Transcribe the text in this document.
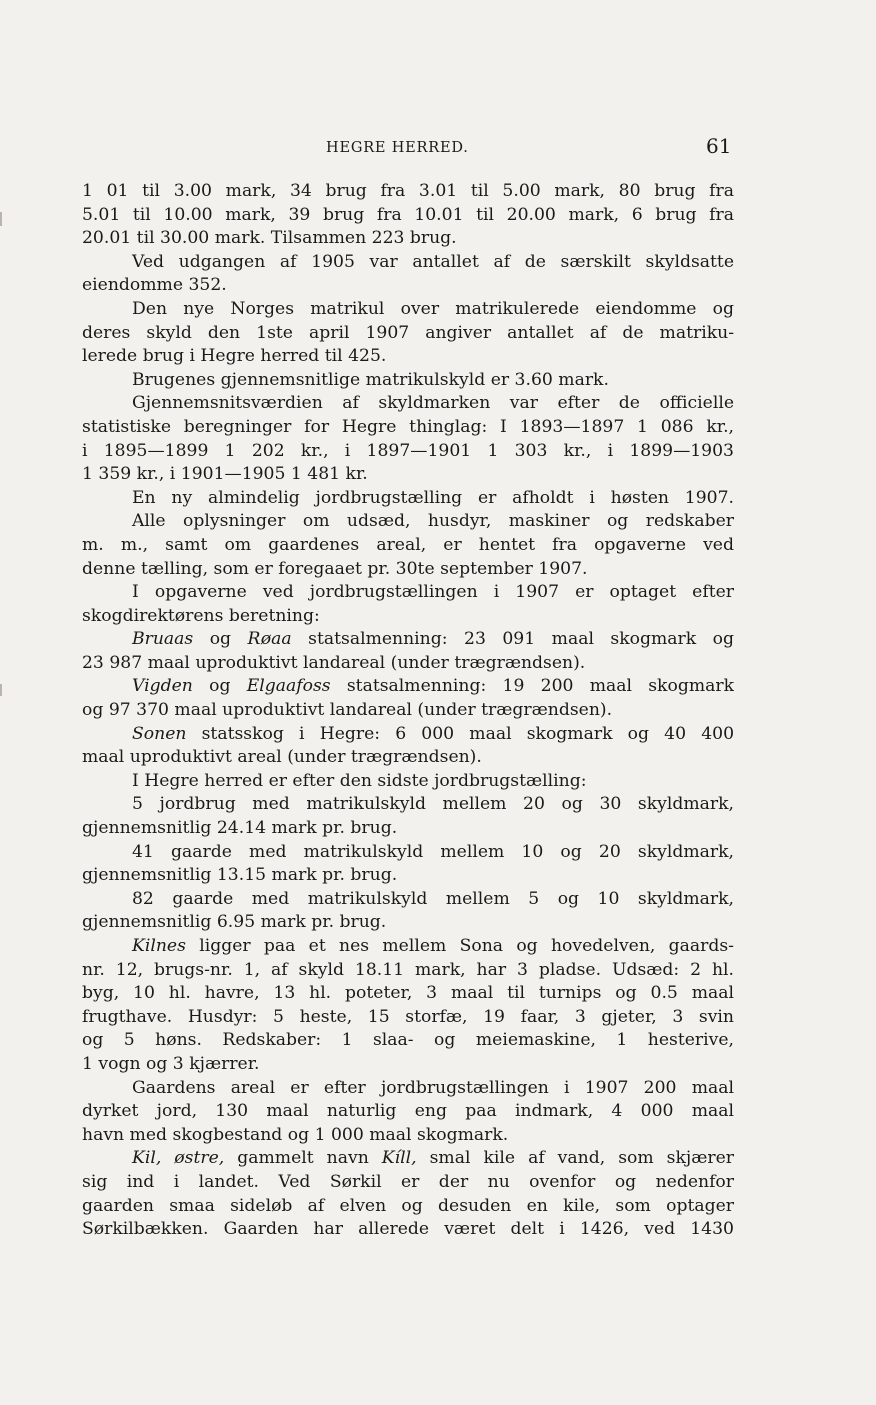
HEGRE HERRED.	61
1 01 til 3.00 mark, 34 brug fra 3.01 til 5.00 mark, 80 brug fra
5.01 til 10.00 mark, 39 brug fra 10.01 til 20.00 mark, 6 brug fra
20.01 til 30.00 mark. Tilsammen 223 brug.
Ved udgangen af 1905 var antallet af de særskilt skyldsatte
eiendomme 352.
Den nye Norges matrikul over matrikulerede eiendomme og
deres skyld den 1ste april 1907 angiver antallet af de matriku-
lerede brug i Hegre herred til 425.
Brugenes gjennemsnitlige matrikulskyld er 3.60 mark.
Gjennemsnitsværdien af skyldmarken var efter de officielle
statistiske beregninger for Hegre thinglag: I 1893—1897 1 086 kr.,
i 1895—1899 1 202 kr., i 1897—1901 1 303 kr., i 1899—1903
1 359 kr., i 1901—1905 1 481 kr.
En ny almindelig jordbrugstælling er afholdt i høsten 1907.
Alle oplysninger om udsæd, husdyr, maskiner og redskaber
m. m., samt om gaardenes areal, er hentet fra opgaverne ved
denne tælling, som er foregaaet pr. 30te september 1907.
I opgaverne ved jordbrugstællingen i 1907 er optaget efter
skogdirektørens beretning:
Bruaas og Røaa statsalmenning: 23 091 maal skogmark og
23 987 maal uproduktivt landareal (under trægrændsen).
Vigden og Elgaafoss statsalmenning: 19 200 maal skogmark
og 97 370 maal uproduktivt landareal (under trægrændsen).
Sonen statsskog i Hegre: 6 000 maal skogmark og 40 400
maal uproduktivt areal (under trægrændsen).
I Hegre herred er efter den sidste jordbrugstælling:
5 jordbrug med matrikulskyld mellem 20 og 30 skyldmark,
gjennemsnitlig 24.14 mark pr. brug.
41 gaarde med matrikulskyld mellem 10 og 20 skyldmark,
gjennemsnitlig 13.15 mark pr. brug.
82 gaarde med matrikulskyld mellem 5 og 10 skyldmark,
gjennemsnitlig 6.95 mark pr. brug.
Kilnes ligger paa et nes mellem Sona og hovedelven, gaards-
nr. 12, brugs-nr. 1, af skyld 18.11 mark, har 3 pladse. Udsæd: 2 hl.
byg, 10 hl. havre, 13 hl. poteter, 3 maal til turnips og 0.5 maal
frugthave. Husdyr: 5 heste, 15 storfæ, 19 faar, 3 gjeter, 3 svin
og 5 høns. Redskaber: 1 slaa- og meiemaskine, 1 hesterive,
1 vogn og 3 kjærrer.
Gaardens areal er efter jordbrugstællingen i 1907 200 maal
dyrket jord, 130 maal naturlig eng paa indmark, 4 000 maal
havn med skogbestand og 1 000 maal skogmark.
Kil, østre, gammelt navn Kíll, smal kile af vand, som skjærer
sig ind i landet. Ved Sørkil er der nu ovenfor og nedenfor
gaarden smaa sideløb af elven og desuden en kile, som optager
Sørkilbækken. Gaarden har allerede været delt i 1426, ved 1430
